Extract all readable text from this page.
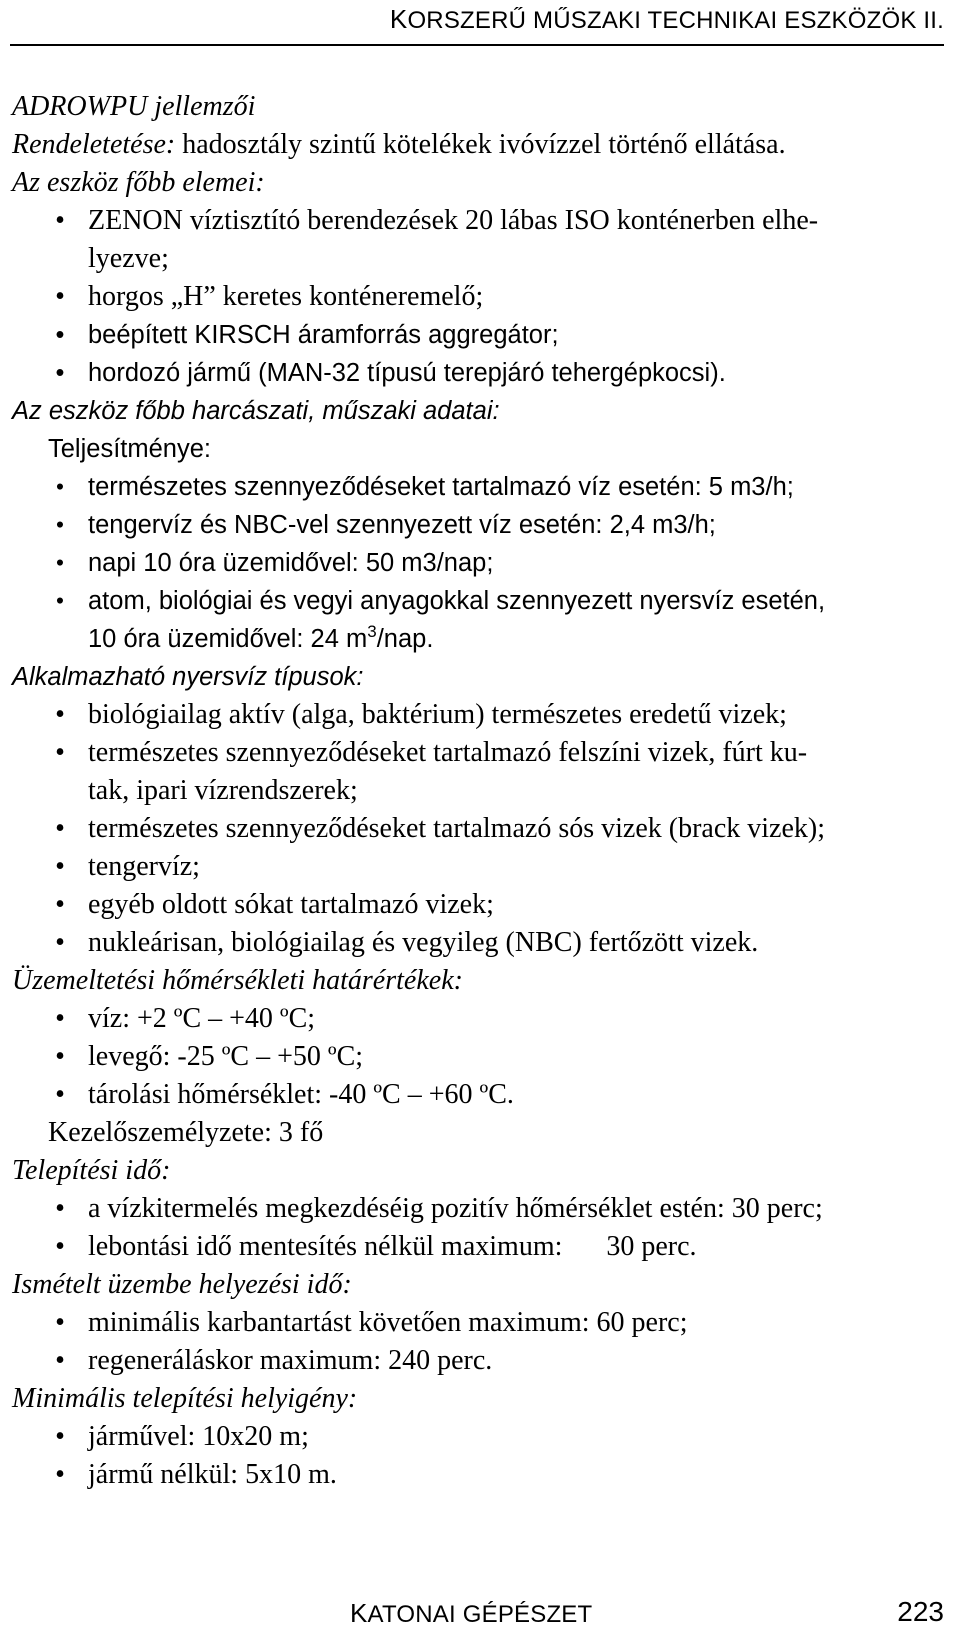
KORSZERŰ MŰSZAKI TECHNIKAI ESZKÖZÖK II.
ADROWPU jellemzői
Rendeletetése: hadosztály szintű kötelékek ivóvízzel történő ellátása.
Az eszköz főbb elemei:
• ZENON víztisztító berendezések 20 lábas ISO konténerben elhe-
lyezve;
• horgos „H” keretes konténeremelő;
• beépített KIRSCH áramforrás aggregátor;
• hordozó jármű (MAN-32 típusú terepjáró tehergépkocsi).
Az eszköz főbb harcászati, műszaki adatai:
Teljesítménye:
• természetes szennyeződéseket tartalmazó víz esetén: 5 m3/h;
• tengervíz és NBC-vel szennyezett víz esetén: 2,4 m3/h;
• napi 10 óra üzemidővel: 50 m3/nap;
• atom, biológiai és vegyi anyagokkal szennyezett nyersvíz esetén,
10 óra üzemidővel: 24 $m^3$/nap.
Alkalmazható nyersvíz típusok:
• biológiailag aktív (alga, baktérium) természetes eredetű vizek;
• természetes szennyeződéseket tartalmazó felszíni vizek, fúrt ku-
tak, ipari vízrendszerek;
• természetes szennyeződéseket tartalmazó sós vizek (brack vizek);
• tengervíz;
• egyéb oldott sókat tartalmazó vizek;
• nukleárisan, biológiailag és vegyileg (NBC) fertőzött vizek.
Üzemeltetési hőmérsékleti határértékek:
• víz: +2 ºC – +40 ºC;
• levegő: -25 ºC – +50 ºC;
• tárolási hőmérséklet: -40 ºC – +60 ºC.
Kezelőszemélyzete: 3 fő
Telepítési idő:
• a vízkitermelés megkezdéséig pozitív hőmérséklet estén: 30 perc;
• lebontási idő mentesítés nélkül maximum: 30 perc.
Ismételt üzembe helyezési idő:
• minimális karbantartást követően maximum: 60 perc;
• regeneráláskor maximum: 240 perc.
Minimális telepítési helyigény:
• járművel: 10x20 m;
• jármű nélkül: 5x10 m.
KATONAI GÉPÉSZET	223
